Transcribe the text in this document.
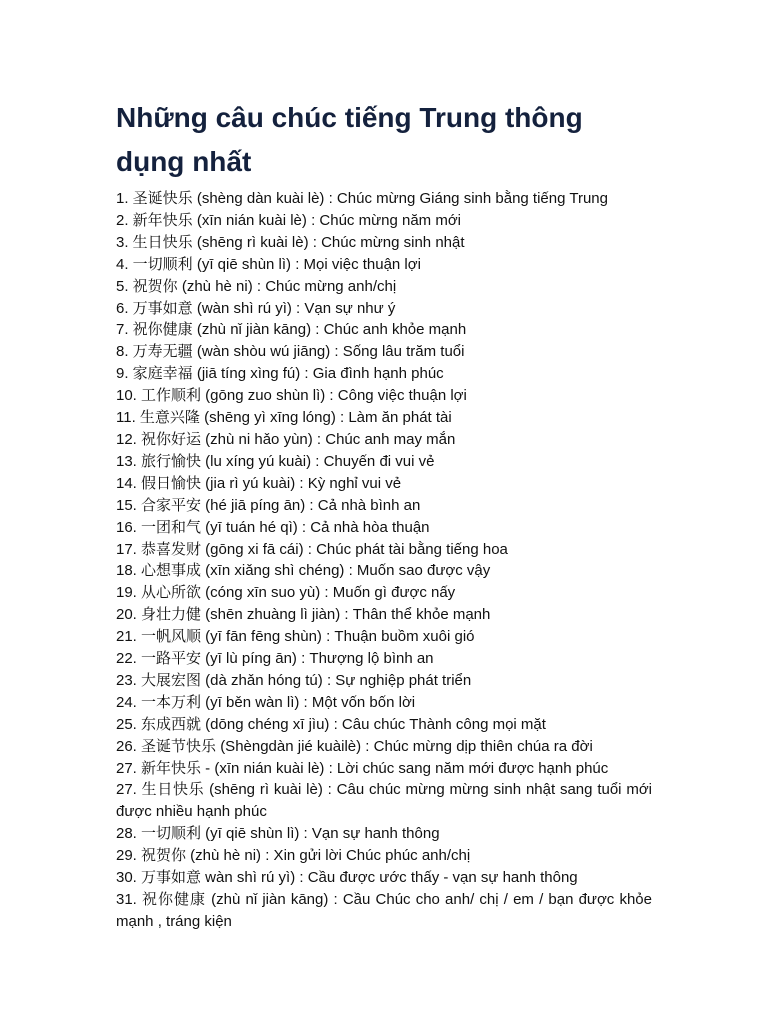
Những câu chúc tiếng Trung thông dụng nhất
1. 圣诞快乐 (shèng dàn kuài lè) : Chúc mừng Giáng sinh bằng tiếng Trung
2. 新年快乐 (xīn nián kuài lè) : Chúc mừng năm mới
3. 生日快乐 (shēng rì kuài lè) : Chúc mừng sinh nhật
4. 一切顺利 (yī qiē shùn lì) : Mọi việc thuận lợi
5. 祝贺你 (zhù hè ni) : Chúc mừng anh/chị
6. 万事如意 (wàn shì rú yì) : Vạn sự như ý
7. 祝你健康 (zhù nǐ jiàn kāng) : Chúc anh khỏe mạnh
8. 万寿无疆 (wàn shòu wú jiāng) : Sống lâu trăm tuổi
9. 家庭幸福 (jiā tíng xìng fú) : Gia đình hạnh phúc
10. 工作顺利 (gōng zuo shùn lì) : Công việc thuận lợi
11. 生意兴隆 (shēng yì xīng lóng) : Làm ăn phát tài
12. 祝你好运 (zhù ni hǎo yùn) : Chúc anh may mắn
13. 旅行愉快 (lu xíng yú kuài) : Chuyến đi vui vẻ
14. 假日愉快 (jia rì yú kuài) : Kỳ nghỉ vui vẻ
15. 合家平安 (hé jiā píng ān) : Cả nhà bình an
16. 一团和气 (yī tuán hé qì) : Cả nhà hòa thuận
17. 恭喜发财 (gōng xi fā cái) : Chúc phát tài bằng tiếng hoa
18. 心想事成 (xīn xiǎng shì chéng) : Muốn sao được vậy
19. 从心所欲 (cóng xīn suo yù) : Muốn gì được nấy
20. 身壮力健 (shēn zhuàng lì jiàn) : Thân thể khỏe mạnh
21. 一帆风顺 (yī fān fēng shùn) : Thuận buồm xuôi gió
22. 一路平安 (yī lù píng ān) : Thượng lộ bình an
23. 大展宏图 (dà zhǎn hóng tú) : Sự nghiệp phát triển
24. 一本万利 (yī běn wàn lì) : Một vốn bốn lời
25. 东成西就 (dōng chéng xī jìu) : Câu chúc Thành công mọi mặt
26. 圣诞节快乐 (Shèngdàn jié kuàilè) : Chúc mừng dịp thiên chúa ra đời
27. 新年快乐 - (xīn nián kuài lè) : Lời chúc sang năm mới được hạnh phúc
27. 生日快乐 (shēng rì kuài lè) : Câu chúc mừng mừng sinh nhật sang tuổi mới được nhiều hạnh phúc
28. 一切顺利 (yī qiē shùn lì) : Vạn sự hanh thông
29. 祝贺你 (zhù hè ni) : Xin gửi lời Chúc phúc anh/chị
30. 万事如意 wàn shì rú yì) : Cầu được ước thấy - vạn sự hanh thông
31. 祝你健康 (zhù nǐ jiàn kāng) : Cầu Chúc cho anh/ chị / em / bạn được khỏe mạnh , tráng kiện
